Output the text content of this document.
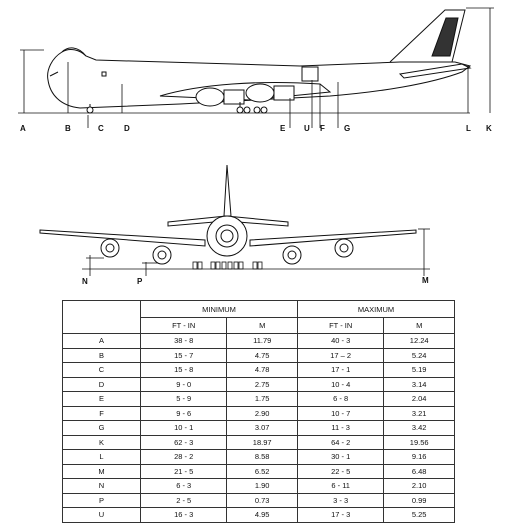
A	B	C	D	E U F G	L K
N	P	M
	MINIMUM		MAXIMUM	
	FT - IN	M	FT - IN	M
A	38 - 8	11.79	40 - 3	12.24
B	15 - 7	4.75	17 – 2	5.24
C	15 - 8	4.78	17 - 1	5.19
D	9 - 0	2.75	10 - 4	3.14
E	5 - 9	1.75	6 - 8	2.04
F	9 - 6	2.90	10 - 7	3.21
G	10 - 1	3.07	11 - 3	3.42
K	62 - 3	18.97	64 - 2	19.56
L	28 - 2	8.58	30 - 1	9.16
M	21 - 5	6.52	22 - 5	6.48
N	6 - 3	1.90	6 - 11	2.10
P	2 - 5	0.73	3 - 3	0.99
U	16 - 3	4.95	17 - 3	5.25
